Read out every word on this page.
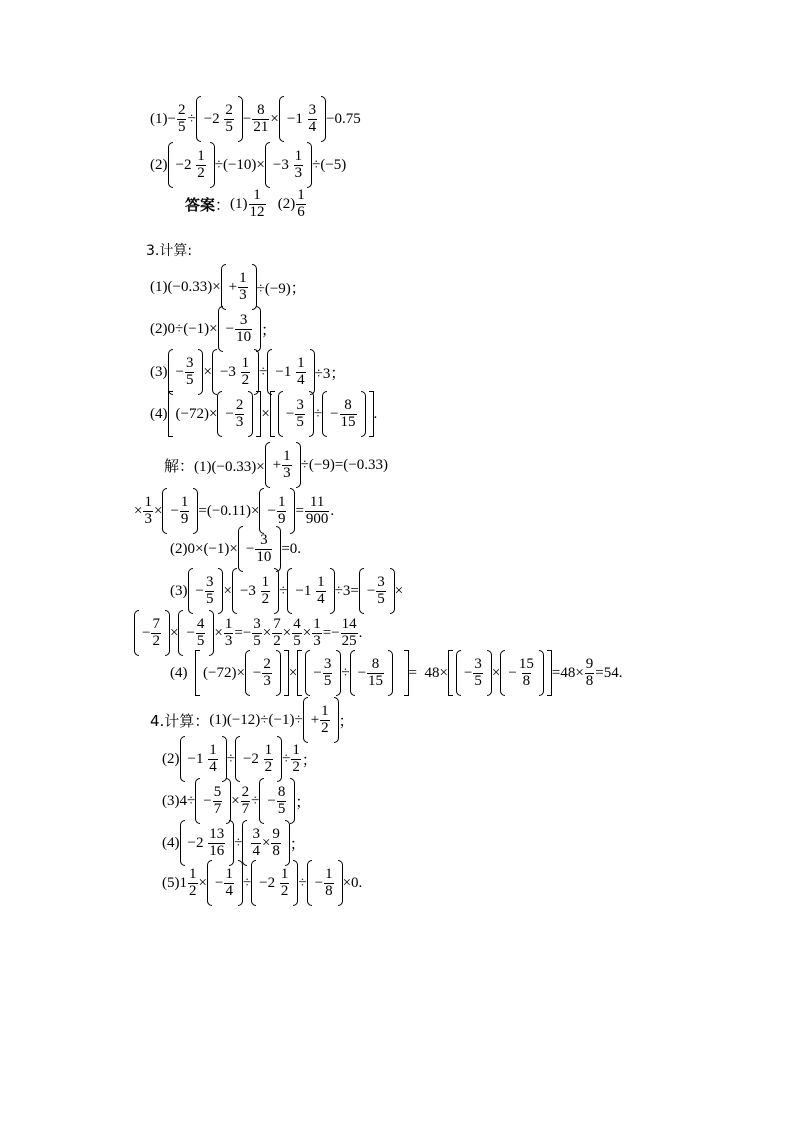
$(1) - \frac{2}{5} \div -2 \frac{2}{5} - \frac{8}{21} \times -1 \frac{3}{4} -0.75$
$(2) -2 \frac{1}{2} \div(-10)\times -3 \frac{1}{3} \div(-5)$
答案 ： $(1) \frac{1}{12}$
$(2) \frac{1}{6}$
3.计算:
$(1)(-0.33)\times + \frac{1}{3} \div(-9)$；
$(2)0\div(-1)\times - \frac{3}{10}$ ；
$(3) - \frac{3}{5} \times -3 \frac{1}{2} \div -1 \frac{1}{4} \div 3$；
(4) $(-72)\times - \frac{2}{3}$ × − $\frac{3}{5}$ ÷ − $\frac{8}{15}$ .
解 ：$(1)(-0.33)\times + \frac{1}{3} \div(-9)=(-0.33)$
× $\frac{1}{3}$ × − $\frac{1}{9} =(-0.11)\times - \frac{1}{9} = \frac{11}{900}$ .
$(2)0\times(-1)\times - \frac{3}{10} =0$.
$(3) - \frac{3}{5} \times -3 \frac{1}{2} \div -1 \frac{1}{4} \div 3= - \frac{3}{5}$ ×
− $\frac{7}{2}$ × − $\frac{4}{5} \times \frac{1}{3} =- \frac{3}{5} \times \frac{7}{2} \times \frac{4}{5} \times \frac{1}{3} =- \frac{14}{25}$ .
(4)
$(-72)\times - \frac{2}{3}$ × − $\frac{3}{5}$ ÷ − $\frac{8}{15}$
=  $48\times - \frac{3}{5}$ × − $\frac{15}{8} =48\times \frac{9}{8} =54$.
4.计算 ： $(1)(-12)\div(-1)\div + \frac{1}{2}$ ；
$(2) -1 \frac{1}{4} \div -2 \frac{1}{2} \div \frac{1}{2}$ ；
$(3)4\div - \frac{5}{7} \times \frac{2}{7}$ ÷ − $\frac{8}{5}$ ；
$(4) -2 \frac{13}{16} \div \frac{3}{4} \times \frac{9}{8}$ ；
$(5)1 \frac{1}{2}$ × − $\frac{1}{4} \div -2 \frac{1}{2}$ ÷ − $\frac{1}{8} \times 0$.
